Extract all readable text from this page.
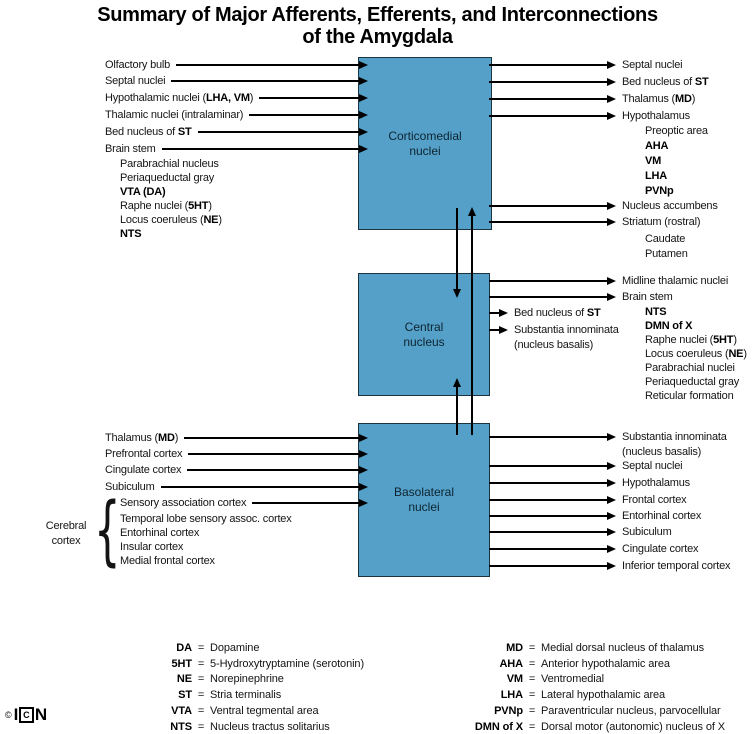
Summary of Major Afferents, Efferents, and Interconnections
of the Amygdala
Corticomedial
nuclei
Central
nucleus
Basolateral
nuclei
Olfactory bulb
Septal nuclei
Hypothalamic nuclei (LHA, VM)
Thalamic nuclei (intralaminar)
Bed nucleus of ST
Brain stem
Parabrachial nucleus
Periaqueductal gray
VTA (DA)
Raphe nuclei ( 5HT )
Locus coeruleus ( NE )
NTS
Septal nuclei
Bed nucleus of ST
Thalamus (MD)
Hypothalamus
Preoptic area
AHA
VM
LHA
PVNp
Nucleus accumbens
Striatum (rostral)
Caudate
Putamen
Midline thalamic nuclei
Brain stem
NTS
DMN of X
Raphe nuclei ( 5HT )
Locus coeruleus ( NE )
Parabrachial nuclei
Periaqueductal gray
Reticular formation
Bed nucleus of ST
Substantia innominata
(nucleus basalis)
Thalamus (MD)
Prefrontal cortex
Cingulate cortex
Subiculum
Sensory association cortex
Cerebral
cortex { Temporal lobe sensory assoc. cortex
Entorhinal cortex
Insular cortex
Medial frontal cortex
Substantia innominata
(nucleus basalis)
Septal nuclei
Hypothalamus
Frontal cortex
Entorhinal cortex
Subiculum
Cingulate cortex
Inferior temporal cortex
DA = Dopamine
5HT = 5-Hydroxytryptamine (serotonin)
NE = Norepinephrine
ST = Stria terminalis
VTA = Ventral tegmental area
NTS = Nucleus tractus solitarius
MD = Medial dorsal nucleus of thalamus
AHA = Anterior hypothalamic area
VM = Ventromedial
LHA = Lateral hypothalamic area
PVNp = Paraventricular nucleus, parvocellular
DMN of X = Dorsal motor (autonomic) nucleus of X
© I C N
